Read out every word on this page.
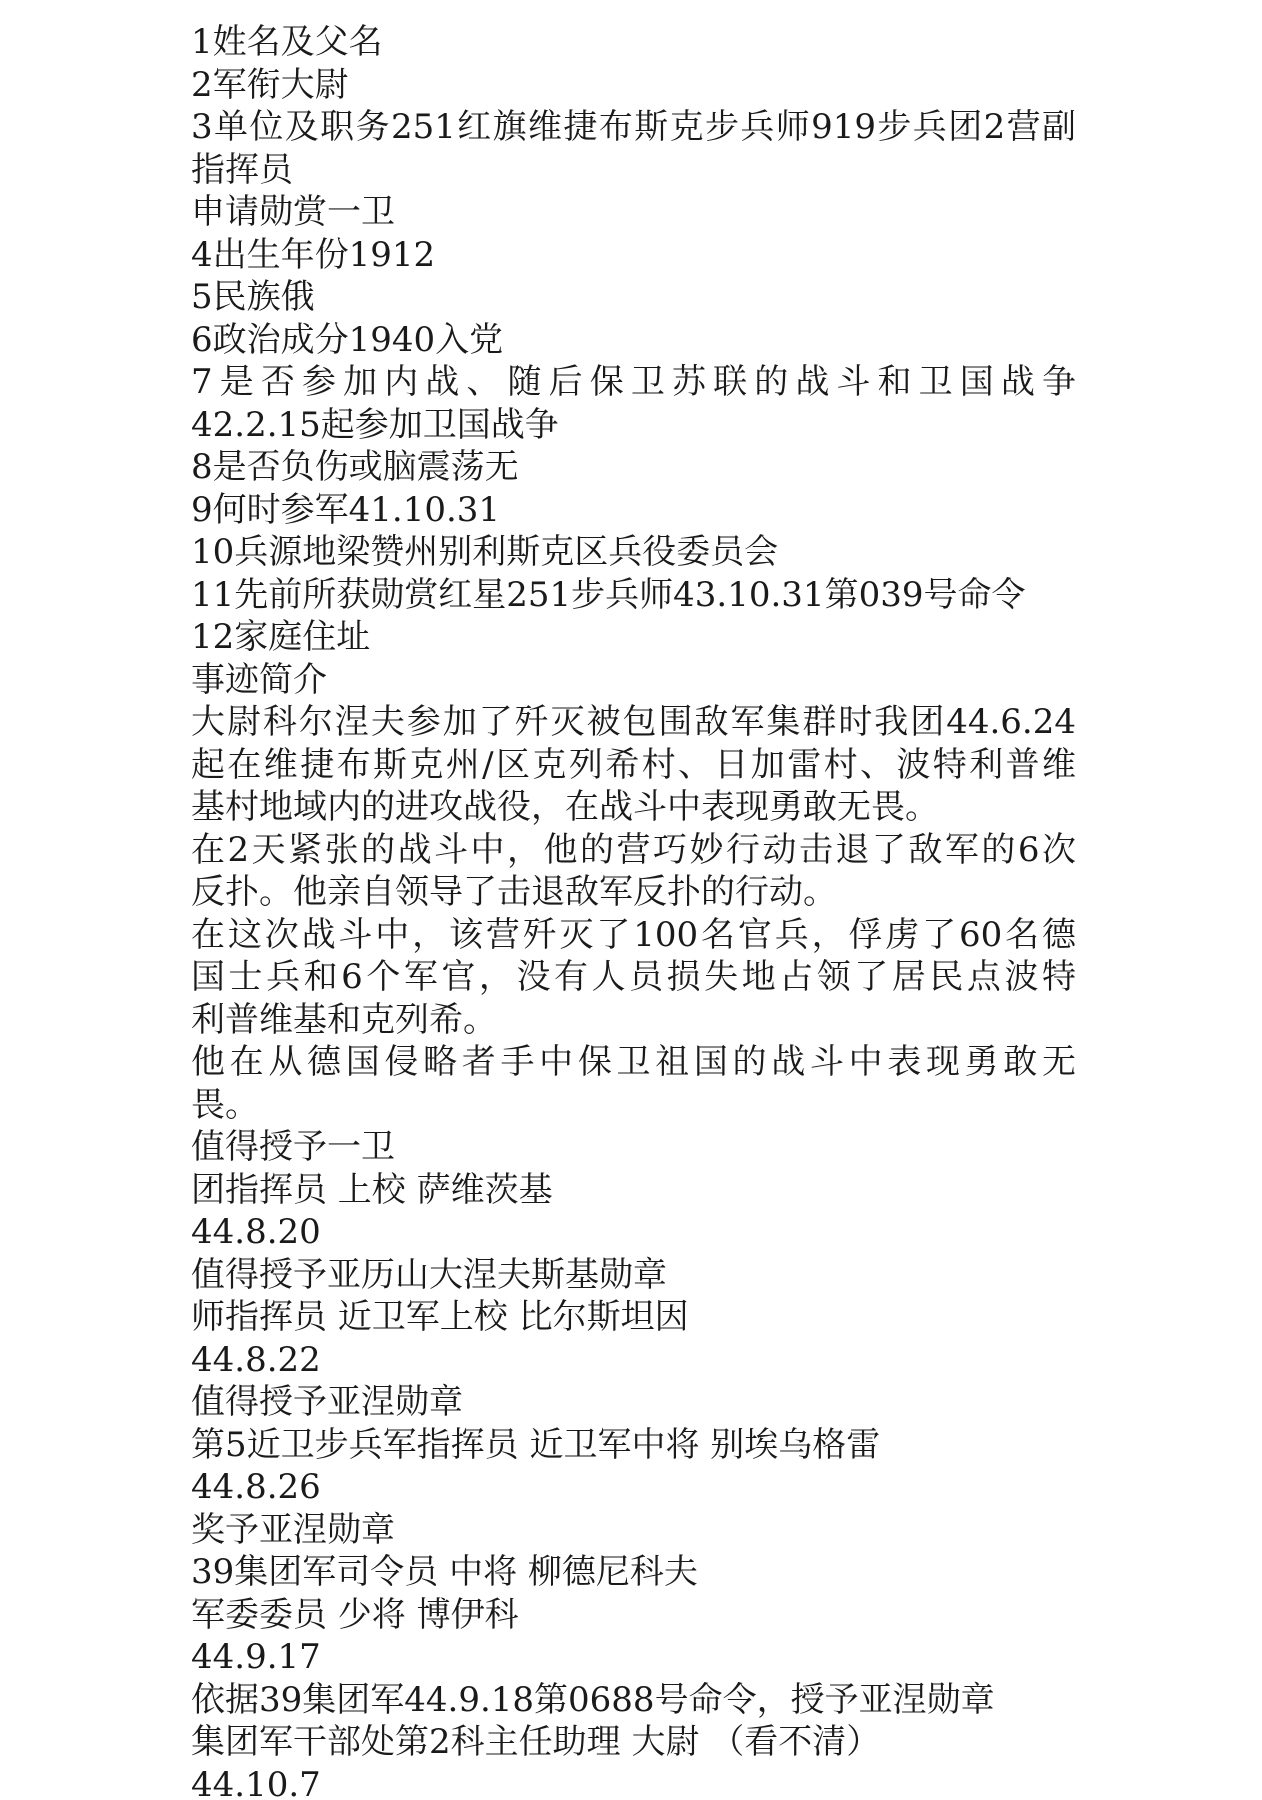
1姓名及父名
2军衔大尉
3单位及职务251红旗维捷布斯克步兵师919步兵团2营副
指挥员
申请勋赏一卫
4出生年份1912
5民族俄
6政治成分1940入党
7是否参加内战、随后保卫苏联的战斗和卫国战争
42.2.15起参加卫国战争
8是否负伤或脑震荡无
9何时参军41.10.31
10兵源地梁赞州别利斯克区兵役委员会
11先前所获勋赏红星251步兵师43.10.31第039号命令
12家庭住址
事迹简介
大尉科尔涅夫参加了歼灭被包围敌军集群时我团44.6.24
起在维捷布斯克州/区克列希村、日加雷村、波特利普维
基村地域内的进攻战役，在战斗中表现勇敢无畏。
在2天紧张的战斗中，他的营巧妙行动击退了敌军的6次
反扑。他亲自领导了击退敌军反扑的行动。
在这次战斗中，该营歼灭了100名官兵，俘虏了60名德
国士兵和6个军官，没有人员损失地占领了居民点波特
利普维基和克列希。
他在从德国侵略者手中保卫祖国的战斗中表现勇敢无
畏。
值得授予一卫
团指挥员 上校 萨维茨基
44.8.20
值得授予亚历山大涅夫斯基勋章
师指挥员 近卫军上校 比尔斯坦因
44.8.22
值得授予亚涅勋章
第5近卫步兵军指挥员 近卫军中将 别埃乌格雷
44.8.26
奖予亚涅勋章
39集团军司令员 中将 柳德尼科夫
军委委员 少将 博伊科
44.9.17
依据39集团军44.9.18第0688号命令，授予亚涅勋章
集团军干部处第2科主任助理 大尉 （看不清）
44.10.7
